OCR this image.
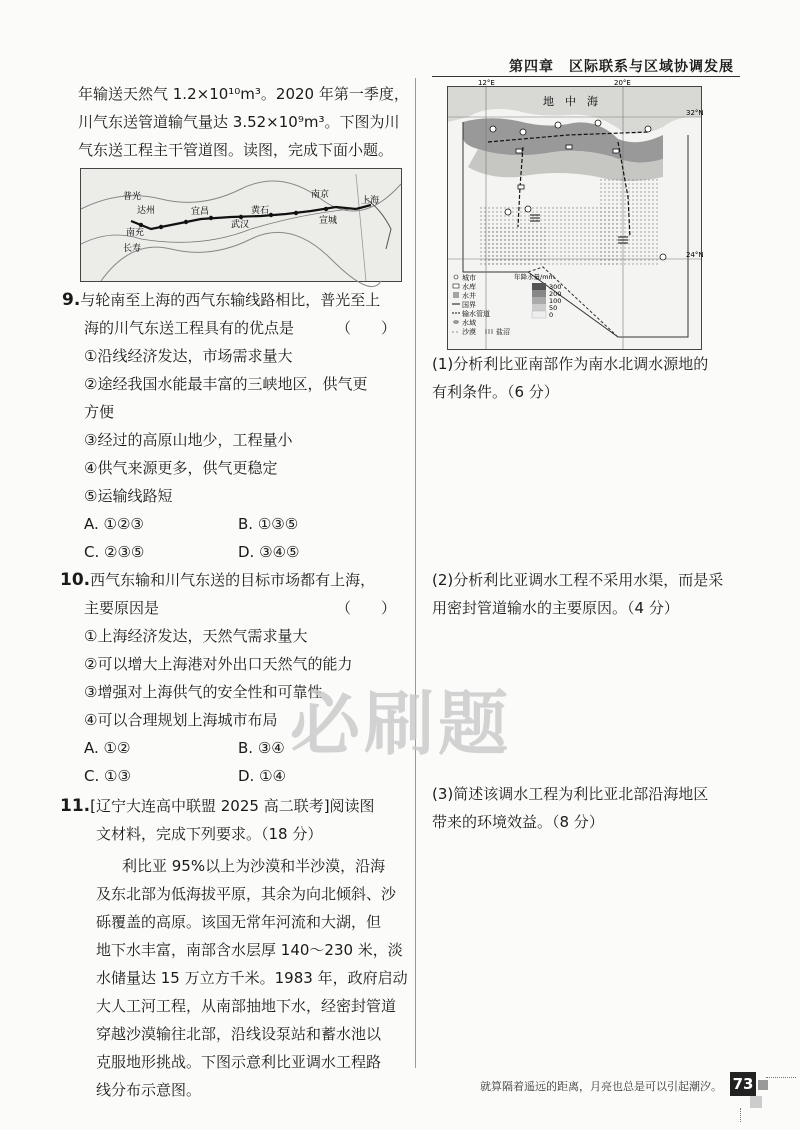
第四章　区际联系与区域协调发展
年输送天然气 1.2×10¹⁰m³。2020 年第一季度，
川气东送管道输气量达 3.52×10⁹m³。下图为川
气东送工程主干管道图。读图，完成下面小题。
普光
达州
南充
长寿
宜昌
武汉
黄石
南京
宣城
上海
9.与轮南至上海的西气东输线路相比，普光至上
海的川气东送工程具有的优点是	（　　）
①沿线经济发达，市场需求量大
②途经我国水能最丰富的三峡地区，供气更
方便
③经过的高原山地少，工程量小
④供气来源更多，供气更稳定
⑤运输线路短
A. ①②③	B. ①③⑤
C. ②③⑤	D. ③④⑤
10.西气东输和川气东送的目标市场都有上海，
主要原因是	（　　）
①上海经济发达，天然气需求量大
②可以增大上海港对外出口天然气的能力
③增强对上海供气的安全性和可靠性
④可以合理规划上海城市布局
A. ①②	B. ③④
C. ①③	D. ①④
11.[辽宁大连高中联盟 2025 高二联考]阅读图
文材料，完成下列要求。（18 分）
利比亚 95%以上为沙漠和半沙漠，沿海
及东北部为低海拔平原，其余为向北倾斜、沙
砾覆盖的高原。该国无常年河流和大湖，但
地下水丰富，南部含水层厚 140～230 米，淡
水储量达 15 万立方千米。1983 年，政府启动
大人工河工程，从南部抽地下水，经密封管道
穿越沙漠输往北部，沿线设泵站和蓄水池以
克服地形挑战。下图示意利比亚调水工程路
线分布示意图。
地　中　海
12°E	20°E
32°N
24°N
城市
水库
水井
国界
输水管道
水域
沙漠	盐沼
年降水量/mm
300
200
100
50
0
(1)分析利比亚南部作为南水北调水源地的
有利条件。（6 分）
(2)分析利比亚调水工程不采用水渠，而是采
用密封管道输水的主要原因。（4 分）
(3)简述该调水工程为利比亚北部沿海地区
带来的环境效益。（8 分）
必刷题
就算隔着遥远的距离，月亮也总是可以引起潮汐。 73
